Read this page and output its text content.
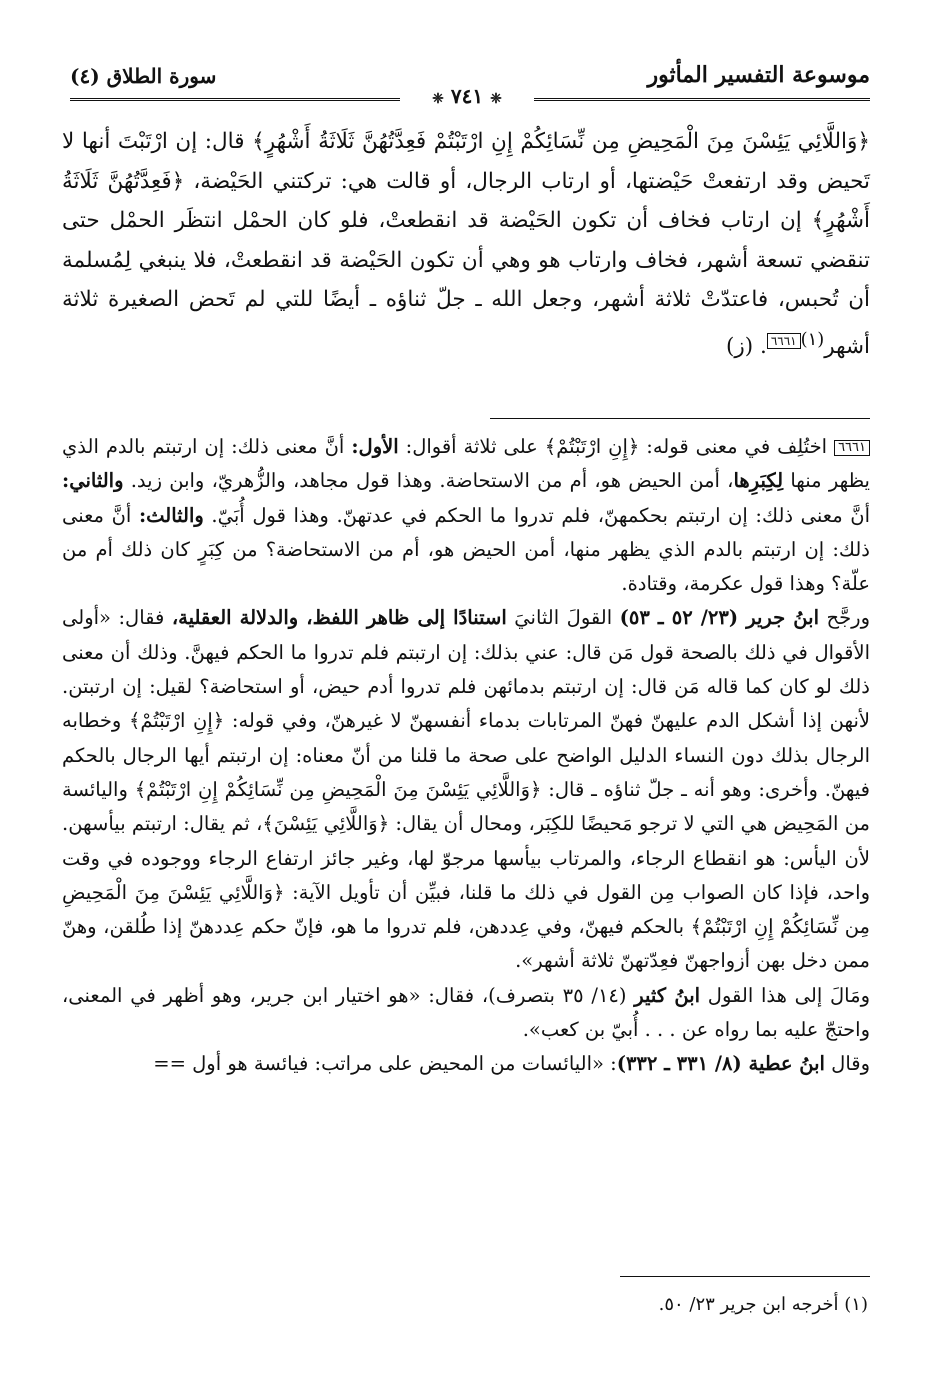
موسوعة التفسير المأثور
سورة الطلاق (٤)
❈ ٧٤١ ❈

﴿وَاللَّائِي يَئِسْنَ مِنَ الْمَحِيضِ مِن نِّسَائِكُمْ إِنِ ارْتَبْتُمْ فَعِدَّتُهُنَّ ثَلَاثَةُ أَشْهُرٍ﴾ قال: إن ارْتَبْتَ أنها لا تَحيض وقد ارتفعتْ حَيْضتها، أو ارتاب الرجال، أو قالت هي: تركتني الحَيْضة، ﴿فَعِدَّتُهُنَّ ثَلَاثَةُ أَشْهُرٍ﴾ إن ارتاب فخاف أن تكون الحَيْضة قد انقطعتْ، فلو كان الحمْل انتظَر الحمْل حتى تنقضي تسعة أشهر، فخاف وارتاب هو وهي أن تكون الحَيْضة قد انقطعتْ، فلا ينبغي لِمُسلمة أن تُحبس، فاعتدّتْ ثلاثة أشهر، وجعل الله ـ جلّ ثناؤه ـ أيضًا للتي لم تَحض الصغيرة ثلاثة أشهر$^{(١)}$٦٦٦١. (ز)

٦٦٦١ اختُلِف في معنى قوله: ﴿إِنِ ارْتَبْتُمْ﴾ على ثلاثة أقوال: الأول: أنَّ معنى ذلك: إن ارتبتم بالدم الذي يظهر منها لِكِبَرِها، أمن الحيض هو، أم من الاستحاضة. وهذا قول مجاهد، والزُّهريّ، وابن زيد. والثاني: أنَّ معنى ذلك: إن ارتبتم بحكمهنّ، فلم تدروا ما الحكم في عدتهنّ. وهذا قول أُبَيّ. والثالث: أنَّ معنى ذلك: إن ارتبتم بالدم الذي يظهر منها، أمن الحيض هو، أم من الاستحاضة؟ من كِبَرٍ كان ذلك أم من علّة؟ وهذا قول عكرمة، وقتادة.

ورجَّح ابنُ جرير (٢٣/ ٥٢ ـ ٥٣) القولَ الثانيَ استنادًا إلى ظاهر اللفظ، والدلالة العقلية، فقال: «أولى الأقوال في ذلك بالصحة قول مَن قال: عني بذلك: إن ارتبتم فلم تدروا ما الحكم فيهنَّ. وذلك أن معنى ذلك لو كان كما قاله مَن قال: إن ارتبتم بدمائهن فلم تدروا أدم حيض، أو استحاضة؟ لقيل: إن ارتبتن. لأنهن إذا أشكل الدم عليهنّ فهنّ المرتابات بدماء أنفسهنّ لا غيرهنّ، وفي قوله: ﴿إِنِ ارْتَبْتُمْ﴾ وخطابه الرجال بذلك دون النساء الدليل الواضح على صحة ما قلنا من أنّ معناه: إن ارتبتم أيها الرجال بالحكم فيهنّ. وأخرى: وهو أنه ـ جلّ ثناؤه ـ قال: ﴿وَاللَّائِي يَئِسْنَ مِنَ الْمَحِيضِ مِن نِّسَائِكُمْ إِنِ ارْتَبْتُمْ﴾ واليائسة من المَحِيض هي التي لا ترجو مَحيضًا للكِبَر، ومحال أن يقال: ﴿وَاللَّائِي يَئِسْنَ﴾، ثم يقال: ارتبتم بيأسهن. لأن اليأس: هو انقطاع الرجاء، والمرتاب بيأسها مرجوّ لها، وغير جائز ارتفاع الرجاء ووجوده في وقت واحد، فإذا كان الصواب مِن القول في ذلك ما قلنا، فبيِّن أن تأويل الآية: ﴿وَاللَّائِي يَئِسْنَ مِنَ الْمَحِيضِ مِن نِّسَائِكُمْ إِنِ ارْتَبْتُمْ﴾ بالحكم فيهنّ، وفي عِددهن، فلم تدروا ما هو، فإنّ حكم عِددهنّ إذا طُلقن، وهنّ ممن دخل بهن أزواجهنّ فعِدّتهنّ ثلاثة أشهر».

ومَالَ إلى هذا القول ابنُ كثير (١٤/ ٣٥ بتصرف)، فقال: «هو اختيار ابن جرير، وهو أظهر في المعنى، واحتجّ عليه بما رواه عن . . . أُبيّ بن كعب».

وقال ابنُ عطية (٨/ ٣٣١ ـ ٣٣٢): «اليائسات من المحيض على مراتب: فيائسة هو أول ==

(١) أخرجه ابن جرير ٢٣/ ٥٠.
